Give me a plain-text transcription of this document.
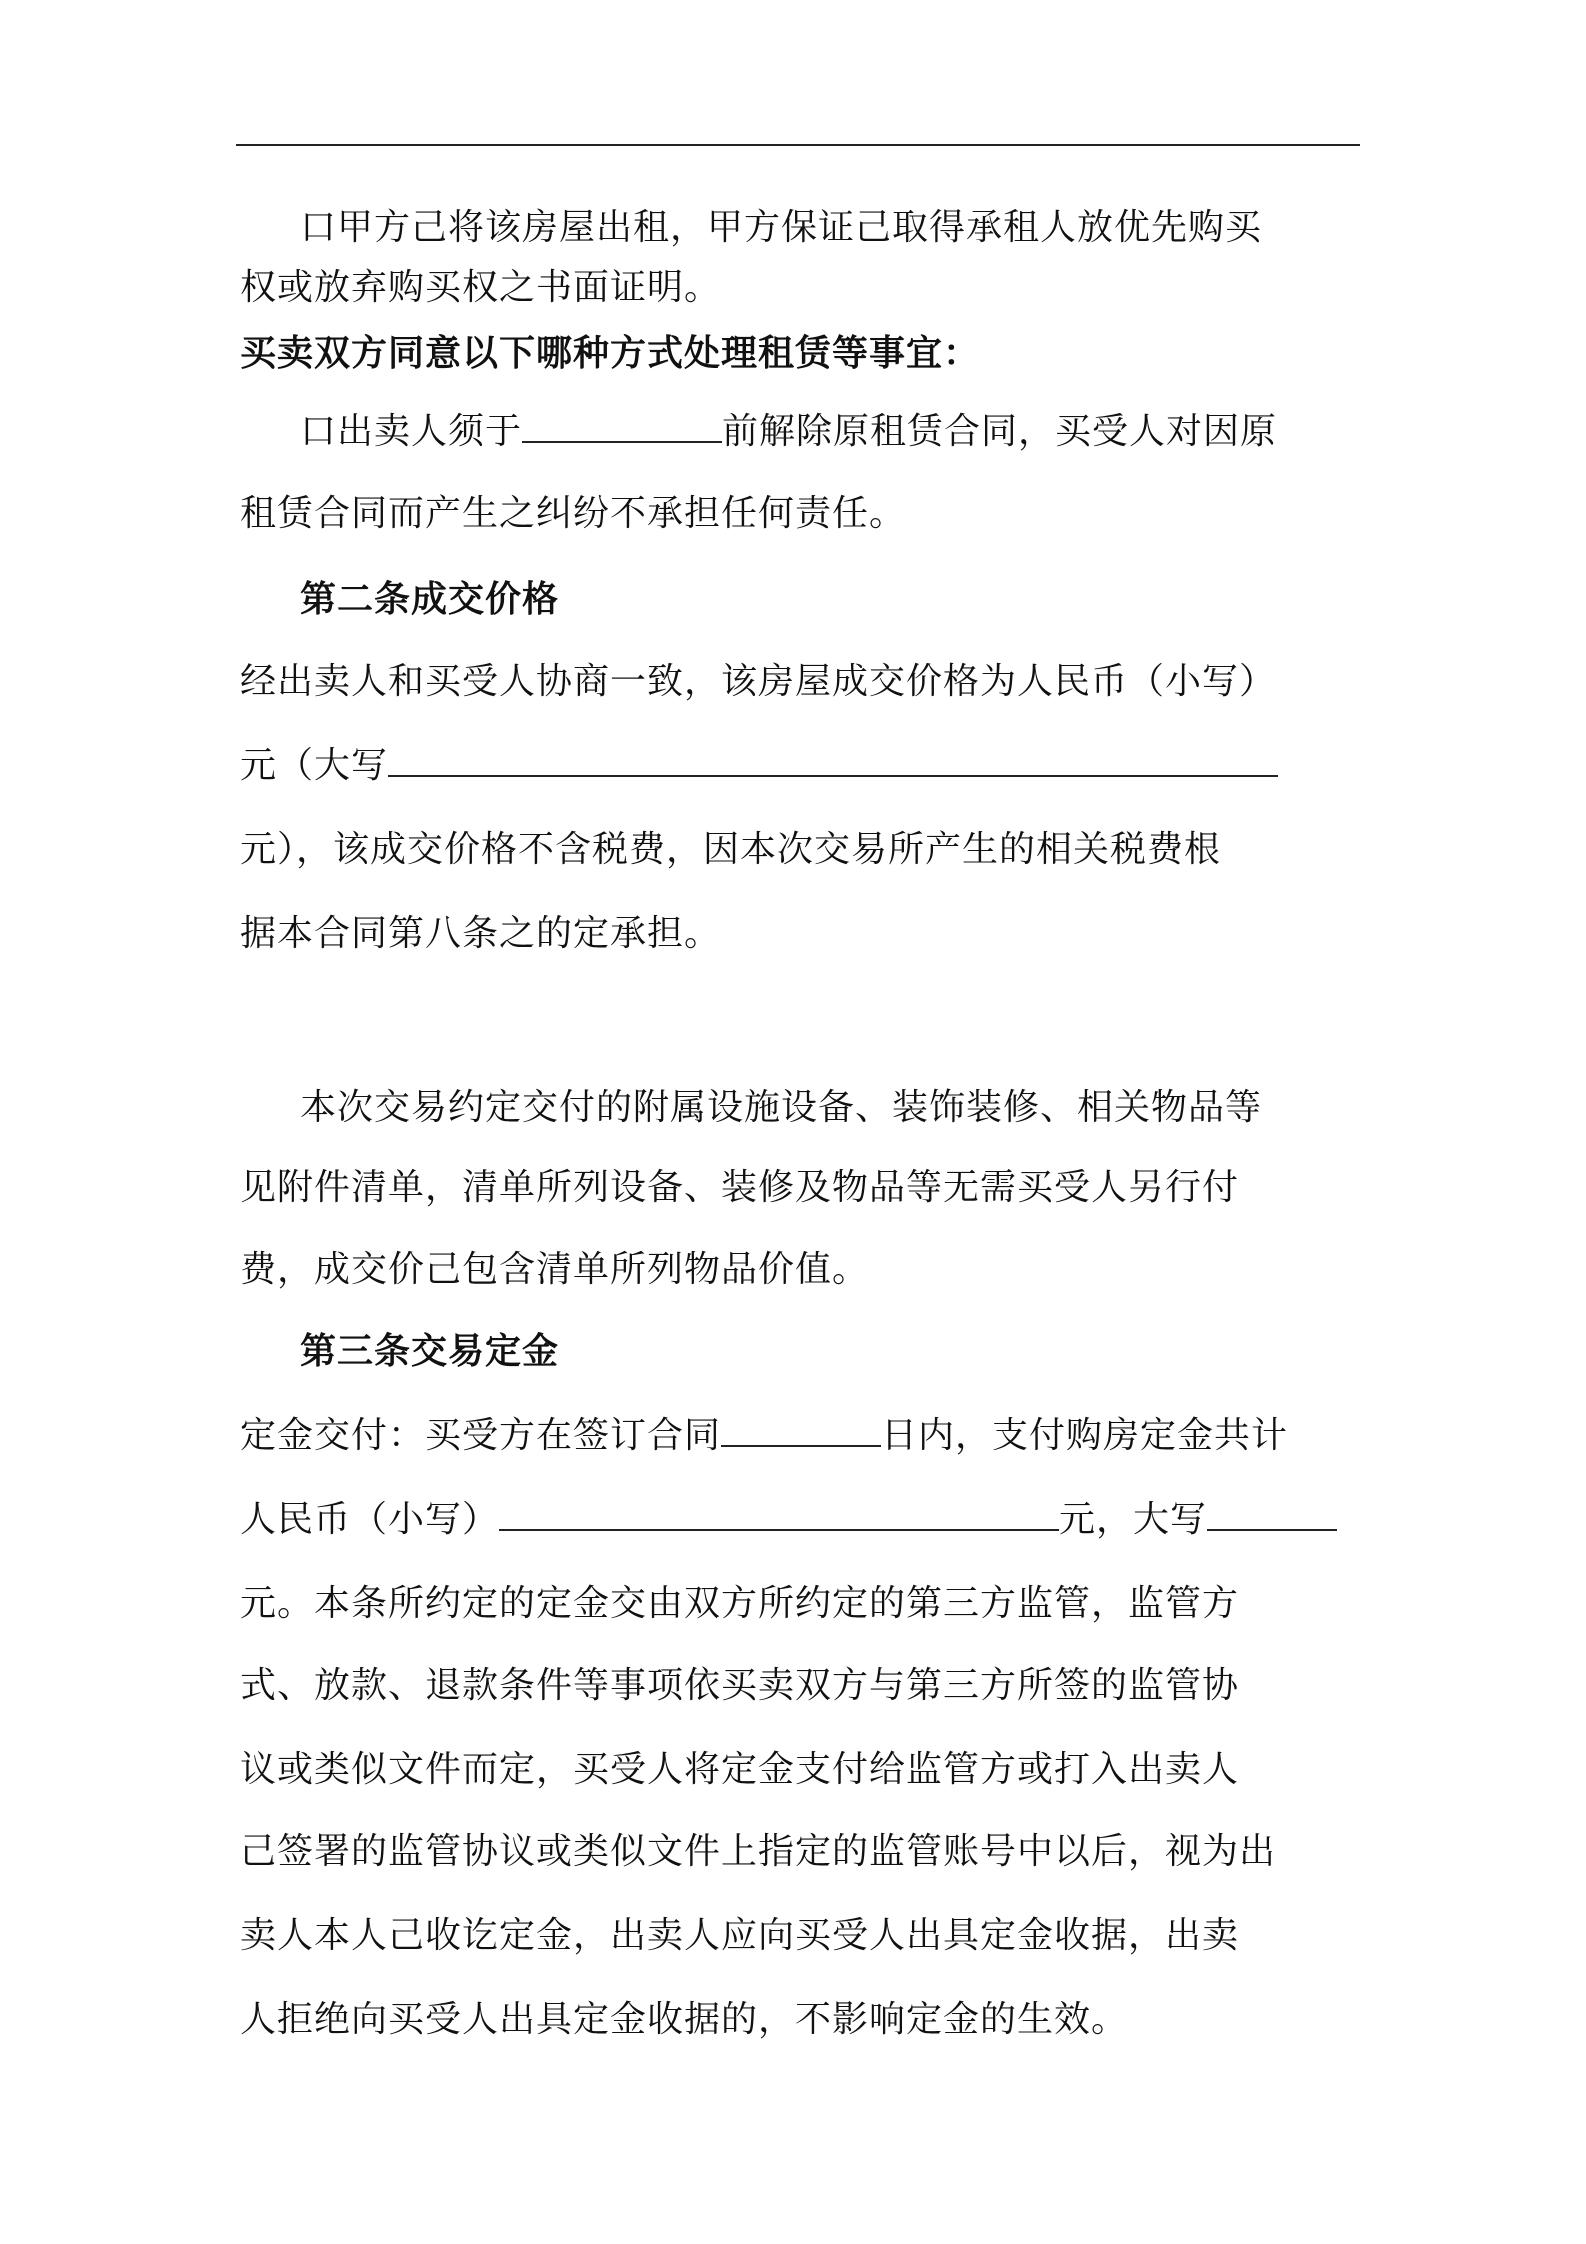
口甲方己将该房屋出租，甲方保证己取得承租人放优先购买
权或放弃购买权之书面证明。
买卖双方同意以下哪种方式处理租赁等事宜：
口出卖人须于	前解除原租赁合同，买受人对因原
租赁合同而产生之纠纷不承担任何责任。
第二条成交价格
经出卖人和买受人协商一致，该房屋成交价格为人民币（小写）
元（大写
元），该成交价格不含税费，因本次交易所产生的相关税费根
据本合同第八条之的定承担。
本次交易约定交付的附属设施设备、装饰装修、相关物品等
见附件清单，清单所列设备、装修及物品等无需买受人另行付
费，成交价己包含清单所列物品价值。
第三条交易定金
定金交付：买受方在签订合同	日内，支付购房定金共计
人民币（小写）	元，大写
元。本条所约定的定金交由双方所约定的第三方监管，监管方
式、放款、退款条件等事项依买卖双方与第三方所签的监管协
议或类似文件而定，买受人将定金支付给监管方或打入出卖人
己签署的监管协议或类似文件上指定的监管账号中以后，视为出
卖人本人己收讫定金，出卖人应向买受人出具定金收据，出卖
人拒绝向买受人出具定金收据的，不影响定金的生效。
